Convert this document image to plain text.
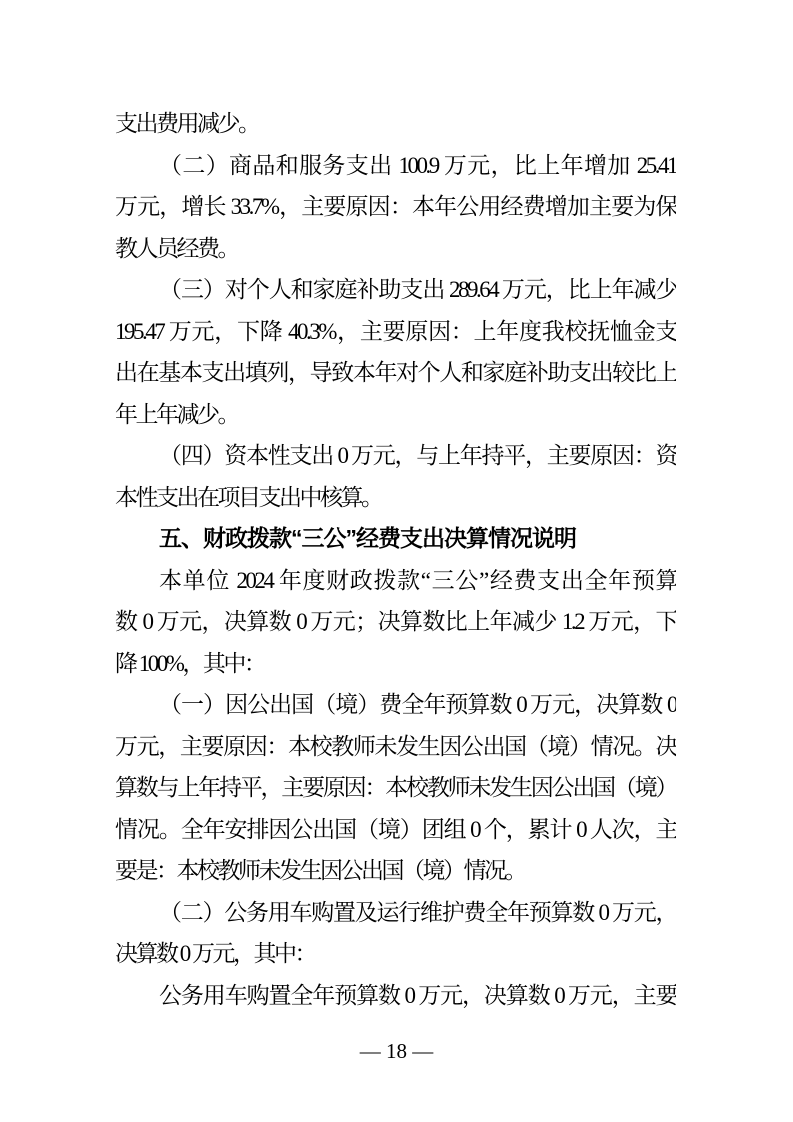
支出费用减少。
（二）商品和服务支出 100.9 万元，比上年增加 25.41
万元，增长 33.7%，主要原因：本年公用经费增加主要为保
教人员经费。
（三）对个人和家庭补助支出 289.64 万元，比上年减少
195.47 万元，下降 40.3%，主要原因：上年度我校抚恤金支
出在基本支出填列，导致本年对个人和家庭补助支出较比上
年上年减少。
（四）资本性支出 0 万元，与上年持平，主要原因：资
本性支出在项目支出中核算。
五、财政拨款“三公”经费支出决算情况说明
本单位 2024 年度财政拨款“三公”经费支出全年预算
数 0 万元，决算数 0 万元；决算数比上年减少 1.2 万元，下
降 100%，其中：
（一）因公出国（境）费全年预算数 0 万元，决算数 0
万元，主要原因：本校教师未发生因公出国（境）情况。决
算数与上年持平，主要原因：本校教师未发生因公出国（境）
情况。全年安排因公出国（境）团组 0 个，累计 0 人次，主
要是：本校教师未发生因公出国（境）情况。
（二）公务用车购置及运行维护费全年预算数 0 万元，
决算数 0 万元，其中：
公务用车购置全年预算数 0 万元，决算数 0 万元，主要
— 18 —
